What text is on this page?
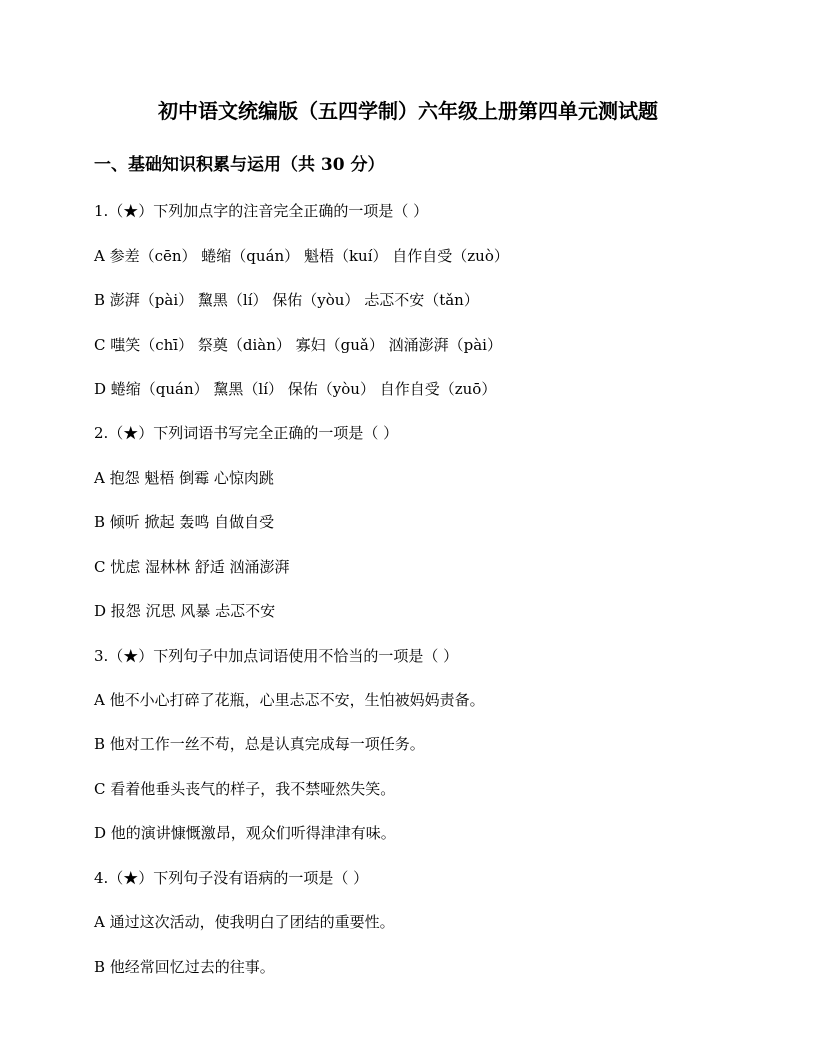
初中语文统编版（五四学制）六年级上册第四单元测试题
一、基础知识积累与运用（共 30 分）
1.（★）下列加点字的注音完全正确的一项是（ ）
A 参差（cēn） 蜷缩（quán） 魁梧（kuí） 自作自受（zuò）
B 澎湃（pài） 黧黑（lí） 保佑（yòu） 忐忑不安（tǎn）
C 嗤笑（chī） 祭奠（diàn） 寡妇（guǎ） 汹涌澎湃（pài）
D 蜷缩（quán） 黧黑（lí） 保佑（yòu） 自作自受（zuō）
2.（★）下列词语书写完全正确的一项是（ ）
A 抱怨 魁梧 倒霉 心惊肉跳
B 倾听 掀起 轰鸣 自做自受
C 忧虑 湿林林 舒适 汹涌澎湃
D 报怨 沉思 风暴 忐忑不安
3.（★）下列句子中加点词语使用不恰当的一项是（ ）
A 他不小心打碎了花瓶，心里忐忑不安，生怕被妈妈责备。
B 他对工作一丝不苟，总是认真完成每一项任务。
C 看着他垂头丧气的样子，我不禁哑然失笑。
D 他的演讲慷慨激昂，观众们听得津津有味。
4.（★）下列句子没有语病的一项是（ ）
A 通过这次活动，使我明白了团结的重要性。
B 他经常回忆过去的往事。
